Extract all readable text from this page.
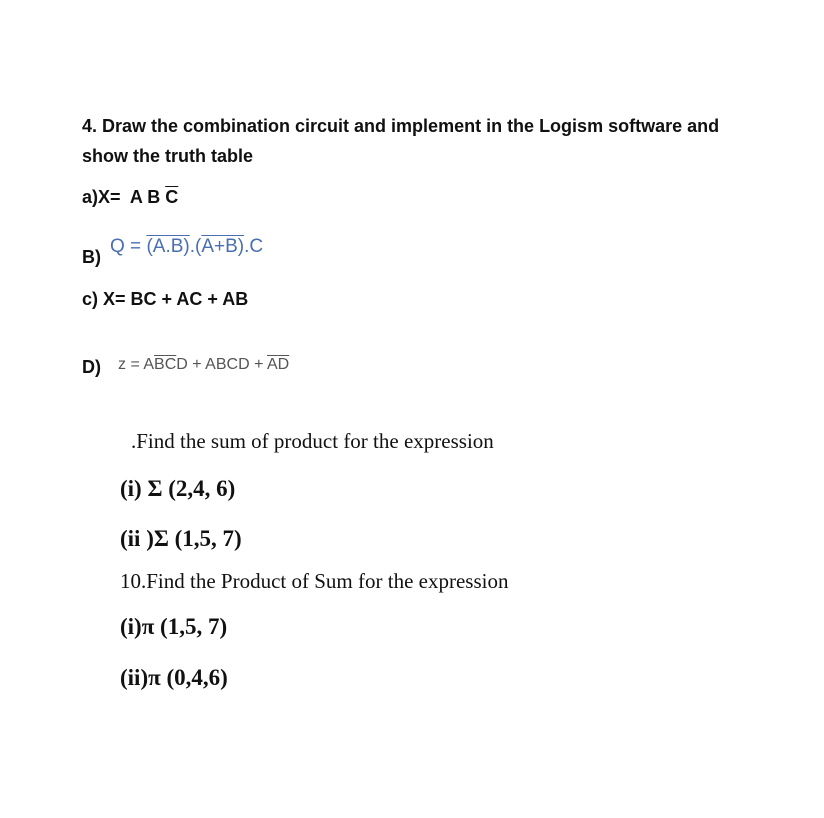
4. Draw the combination circuit and implement in the Logism software and
show the truth table
a)X= A B $\overline{C}$
B) Q = (A.B).(A+B).C
c) X= BC + AC + AB
D) $z = A\overline{B}\overline{C}D$ + ABCD + $\overline{A}\overline{D}$
.Find the sum of product for the expression
(i) Σ (2,4, 6)
(ii )Σ (1,5, 7)
10.Find the Product of Sum for the expression
(i)π (1,5, 7)
(ii)π (0,4,6)
